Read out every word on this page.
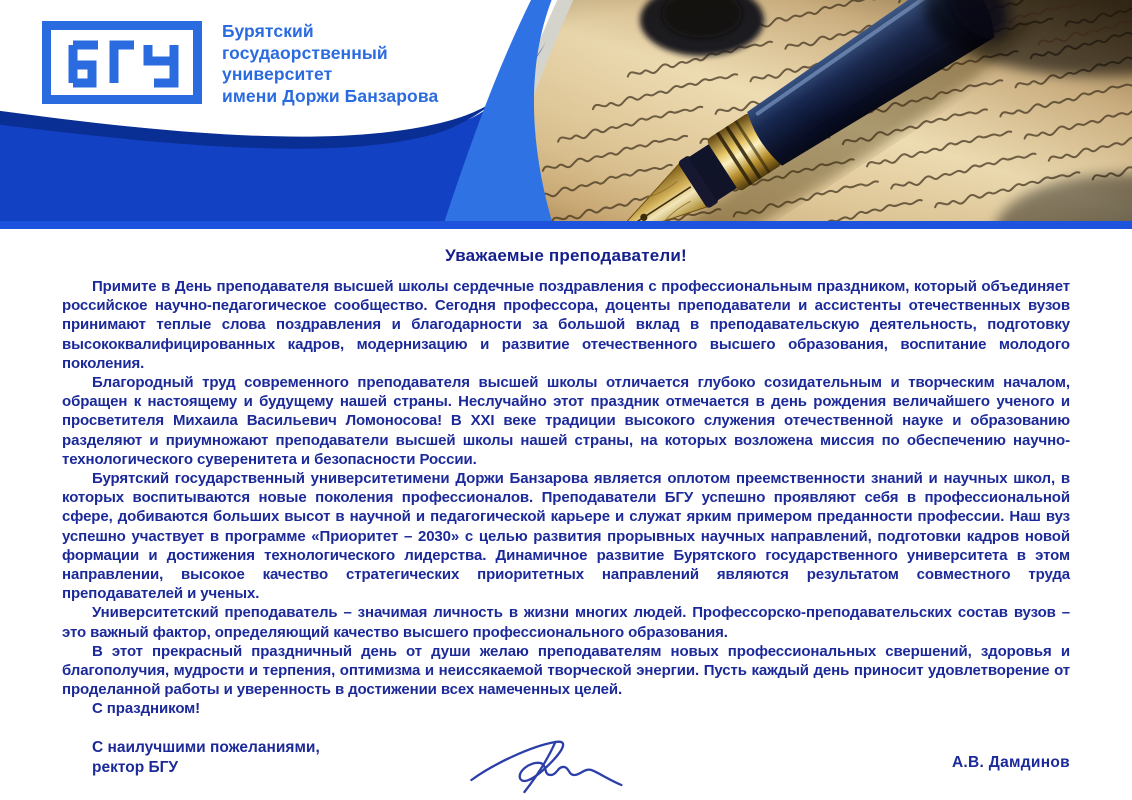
Бурятский
госудаорственный
университет
имени Доржи Банзарова
Уважаемые преподаватели!

Примите в День преподавателя высшей школы сердечные поздравления с профессиональным праздником, который объединяет российское научно-педагогическое сообщество. Сегодня профессора, доценты преподаватели и ассистенты отечественных вузов принимают теплые слова поздравления и благодарности за большой вклад в преподавательскую деятельность, подготовку высококвалифицированных кадров, модернизацию и развитие отечественного высшего образования, воспитание молодого поколения.

Благородный труд современного преподавателя высшей школы отличается глубоко созидательным и творческим началом, обращен к настоящему и будущему нашей страны. Неслучайно этот праздник отмечается в день рождения величайшего ученого и просветителя Михаила Васильевич Ломоносова! В XXI веке традиции высокого служения отечественной науке и образованию разделяют и приумножают преподаватели высшей школы нашей страны, на которых возложена миссия по обеспечению научно-технологического суверенитета и безопасности России.

Бурятский государственный университетимени Доржи Банзарова является оплотом преемственности знаний и научных школ, в которых воспитываются новые поколения профессионалов. Преподаватели БГУ успешно проявляют себя в профессиональной сфере, добиваются больших высот в научной и педагогической карьере и служат ярким примером преданности профессии. Наш вуз успешно участвует в программе «Приоритет – 2030» с целью развития прорывных научных направлений, подготовки кадров новой формации и достижения технологического лидерства. Динамичное развитие Бурятского государственного университета в этом направлении, высокое качество стратегических приоритетных направлений являются результатом совместного труда преподавателей и ученых.

Университетский преподаватель – значимая личность в жизни многих людей. Профессорско-преподавательских состав вузов – это важный фактор, определяющий качество высшего профессионального образования.

В этот прекрасный праздничный день от души желаю преподавателям новых профессиональных свершений, здоровья и благополучия, мудрости и терпения, оптимизма и неиссякаемой творческой энергии. Пусть каждый день приносит удовлетворение от проделанной работы и уверенность в достижении всех намеченных целей.

С праздником!

С наилучшими пожеланиями,
ректор БГУ	А.В. Дамдинов
